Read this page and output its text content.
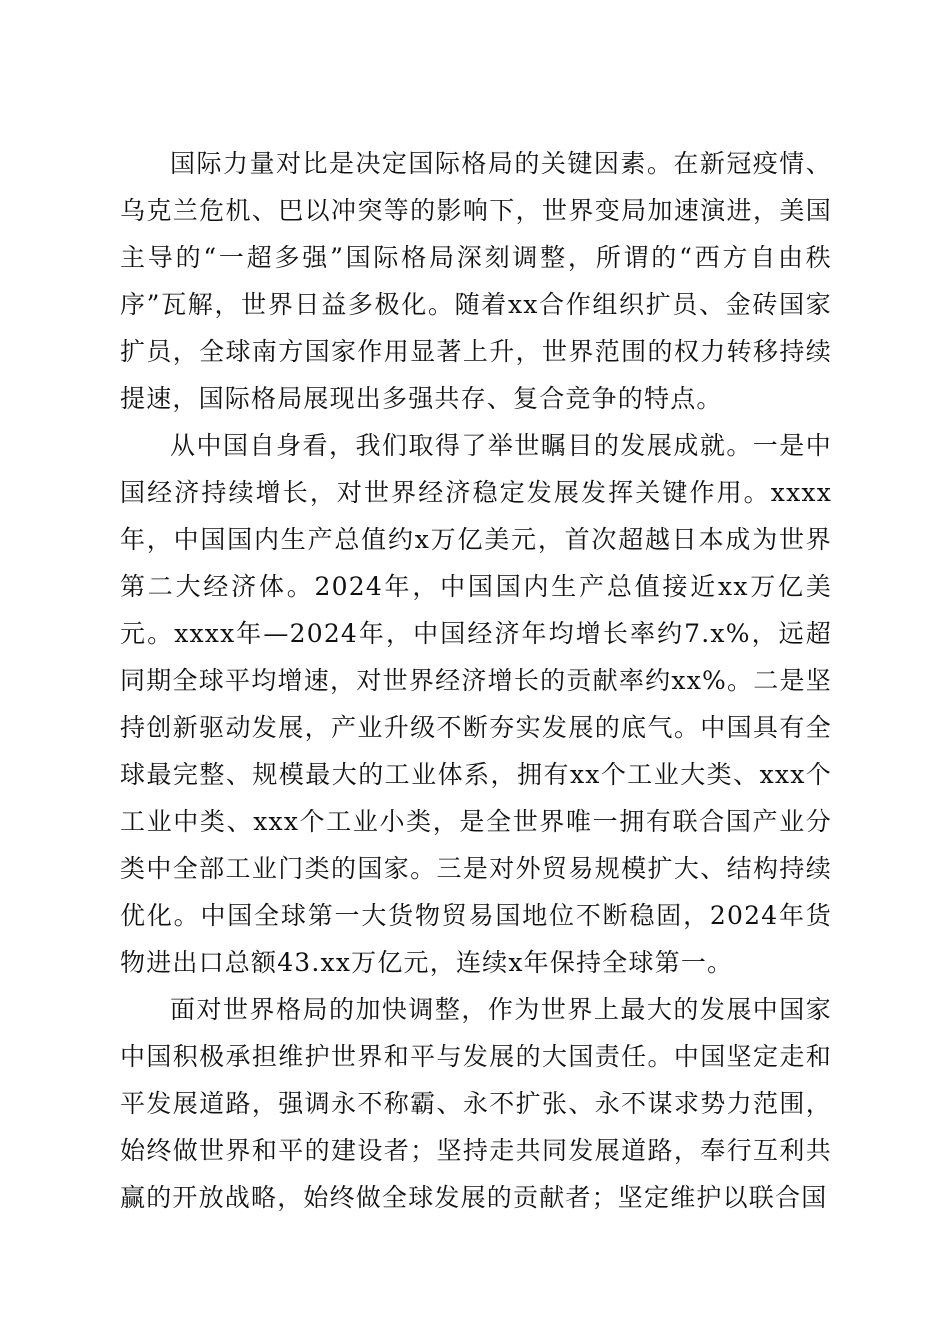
国际力量对比是决定国际格局的关键因素。在新冠疫情、乌克兰危机、巴以冲突等的影响下，世界变局加速演进，美国主导的“一超多强”国际格局深刻调整，所谓的“西方自由秩序”瓦解，世界日益多极化。随着xx合作组织扩员、金砖国家扩员，全球南方国家作用显著上升，世界范围的权力转移持续提速，国际格局展现出多强共存、复合竞争的特点。

从中国自身看，我们取得了举世瞩目的发展成就。一是中国经济持续增长，对世界经济稳定发展发挥关键作用。xxxx年，中国国内生产总值约x万亿美元，首次超越日本成为世界第二大经济体。2024年，中国国内生产总值接近xx万亿美元。xxxx年—2024年，中国经济年均增长率约7.x%，远超同期全球平均增速，对世界经济增长的贡献率约xx%。二是坚持创新驱动发展，产业升级不断夯实发展的底气。中国具有全球最完整、规模最大的工业体系，拥有xx个工业大类、xxx个工业中类、xxx个工业小类，是全世界唯一拥有联合国产业分类中全部工业门类的国家。三是对外贸易规模扩大、结构持续优化。中国全球第一大货物贸易国地位不断稳固，2024年货物进出口总额43.xx万亿元，连续x年保持全球第一。

面对世界格局的加快调整，作为世界上最大的发展中国家中国积极承担维护世界和平与发展的大国责任。中国坚定走和平发展道路，强调永不称霸、永不扩张、永不谋求势力范围，始终做世界和平的建设者；坚持走共同发展道路，奉行互利共赢的开放战略，始终做全球发展的贡献者；坚定维护以联合国
